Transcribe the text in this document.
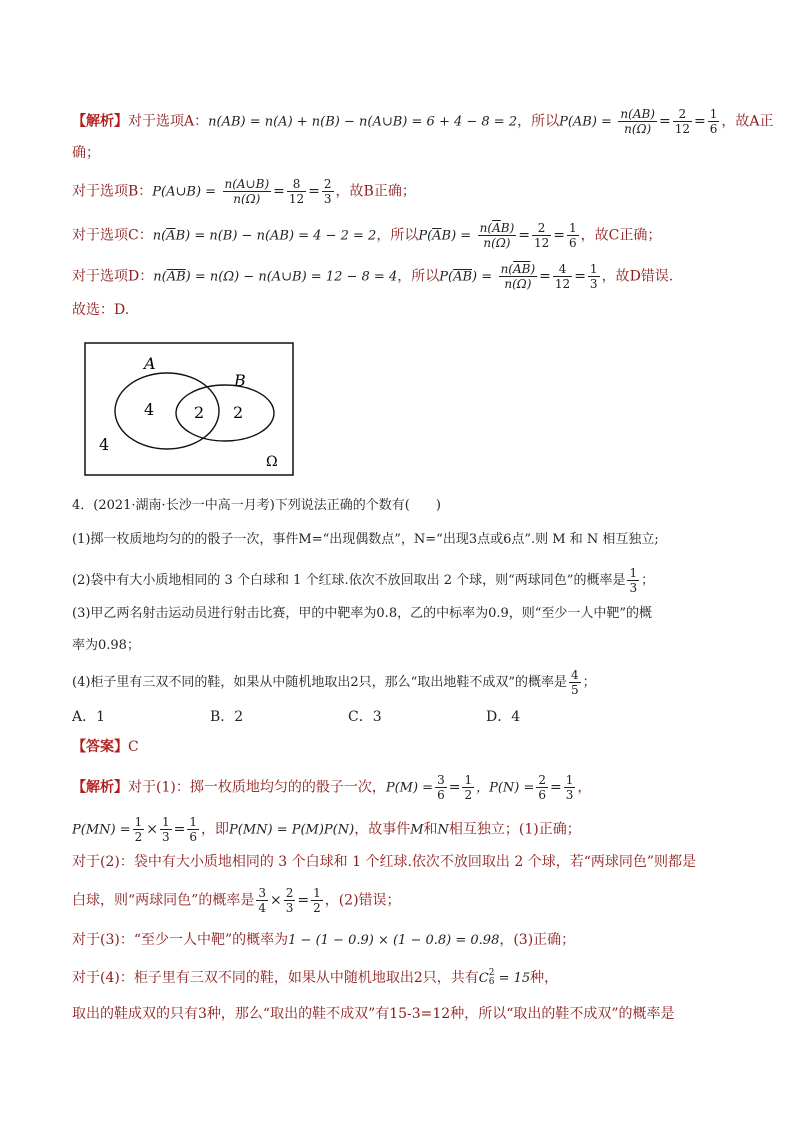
【解析】对于选项A：n(AB) = n(A) + n(B) − n(A∪B) = 6 + 4 − 8 = 2，所以$P(AB) = \frac{n(AB)}{n(\Omega)} = \frac{2}{12} = \frac{1}{6}$ ，故A正
确；
对于选项B：P(A∪B) = $\frac{n(A\cup B)}{n(\Omega)} = \frac{8}{12} = \frac{2}{3}$ ，故B正确；
对于选项C：$n(\overline{A}B) = n(B) - n(AB) = 4 - 2 = 2$，所以$P(\overline{A}B) = \frac{n(\overline{A}B)}{n(\Omega)} = \frac{2}{12} = \frac{1}{6}$ ，故C正确；
对于选项D：$n(\overline{AB}) = n(\Omega)$ − n(A∪B) = 12 − 8 = 4，所以$P(\overline{AB}) = \frac{n(\overline{AB})}{n(\Omega)} = \frac{4}{12} = \frac{1}{3}$ ，故D错误.
故选：D.
A
B
4 2 2
4
Ω
4．(2021·湖南·长沙一中高一月考)下列说法正确的个数有(　　)
(1)掷一枚质地均匀的的骰子一次，事件M=“出现偶数点”，N=“出现3点或6点”.则 M 和 N 相互独立;
(2)袋中有大小质地相同的 3 个白球和 1 个红球.依次不放回取出 2 个球，则“两球同色”的概率是 $\frac{1}{3}$ ；
(3)甲乙两名射击运动员进行射击比赛，甲的中靶率为0.8，乙的中标率为0.9，则“至少一人中靶”的概
率为0.98；
(4)柜子里有三双不同的鞋，如果从中随机地取出2只，那么“取出地鞋不成双”的概率是 $\frac{4}{5}$ ；
A．1	B．2	C．3	D．4
【答案】C
【解析】对于(1)：掷一枚质地均匀的的骰子一次，$P(M) = \frac{3}{6} = \frac{1}{2}$ ，$P(N) = \frac{2}{6} = \frac{1}{3}$ ，
$P(MN) = \frac{1}{2} \times \frac{1}{3} = \frac{1}{6}$ ，即P(MN) = P(M)P(N)，故事件M和N相互独立；(1)正确；
对于(2)：袋中有大小质地相同的 3 个白球和 1 个红球.依次不放回取出 2 个球，若“两球同色”则都是
白球，则“两球同色”的概率是 $\frac{3}{4} \times \frac{2}{3} = \frac{1}{2}$ ，(2)错误；
对于(3)：“至少一人中靶”的概率为1 − (1 − 0.9) × (1 − 0.8) = 0.98，(3)正确；
对于(4)：柜子里有三双不同的鞋，如果从中随机地取出2只，共有C 2
6 = 15种，
取出的鞋成双的只有3种，那么“取出的鞋不成双”有15-3=12种，所以“取出的鞋不成双”的概率是
